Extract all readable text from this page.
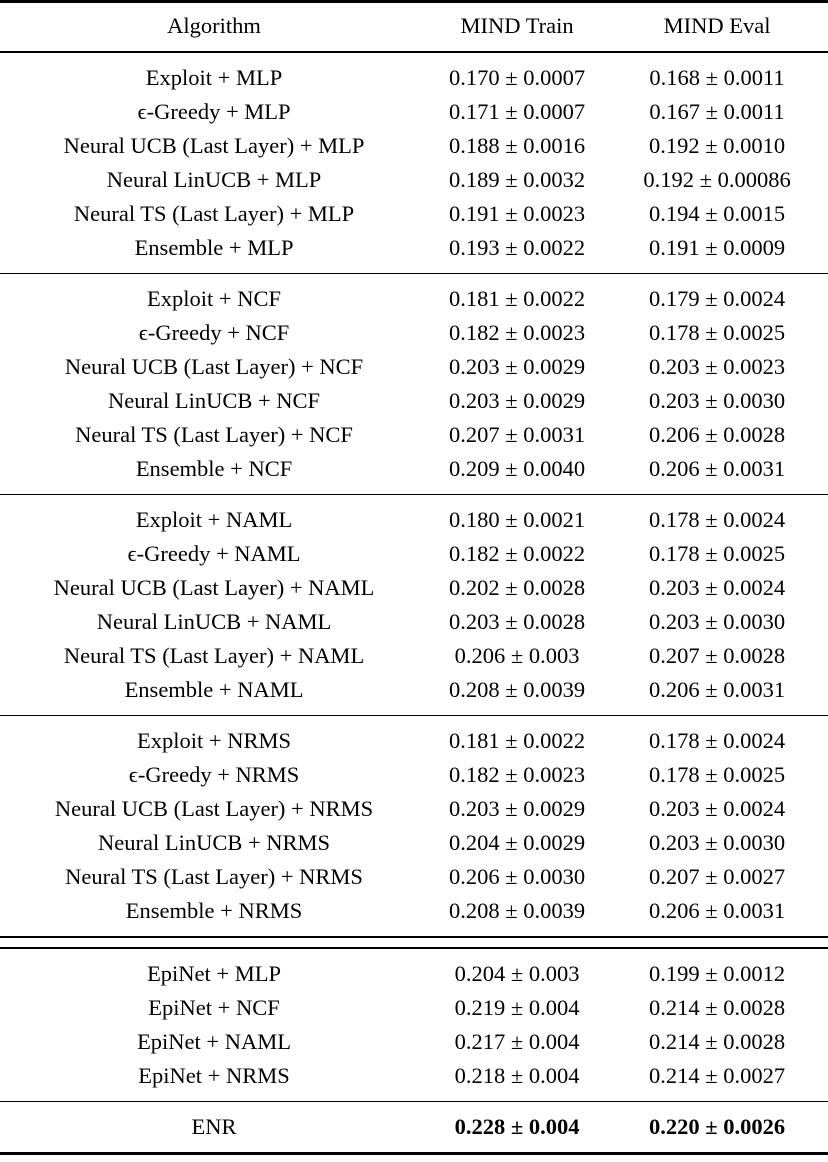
Algorithm	MIND Train	MIND Eval
Exploit + MLP	0.170 ± 0.0007	0.168 ± 0.0011
ϵ-Greedy + MLP	0.171 ± 0.0007	0.167 ± 0.0011
Neural UCB (Last Layer) + MLP	0.188 ± 0.0016	0.192 ± 0.0010
Neural LinUCB + MLP	0.189 ± 0.0032	0.192 ± 0.00086
Neural TS (Last Layer) + MLP	0.191 ± 0.0023	0.194 ± 0.0015
Ensemble + MLP	0.193 ± 0.0022	0.191 ± 0.0009
Exploit + NCF	0.181 ± 0.0022	0.179 ± 0.0024
ϵ-Greedy + NCF	0.182 ± 0.0023	0.178 ± 0.0025
Neural UCB (Last Layer) + NCF	0.203 ± 0.0029	0.203 ± 0.0023
Neural LinUCB + NCF	0.203 ± 0.0029	0.203 ± 0.0030
Neural TS (Last Layer) + NCF	0.207 ± 0.0031	0.206 ± 0.0028
Ensemble + NCF	0.209 ± 0.0040	0.206 ± 0.0031
Exploit + NAML	0.180 ± 0.0021	0.178 ± 0.0024
ϵ-Greedy + NAML	0.182 ± 0.0022	0.178 ± 0.0025
Neural UCB (Last Layer) + NAML	0.202 ± 0.0028	0.203 ± 0.0024
Neural LinUCB + NAML	0.203 ± 0.0028	0.203 ± 0.0030
Neural TS (Last Layer) + NAML	0.206 ± 0.003	0.207 ± 0.0028
Ensemble + NAML	0.208 ± 0.0039	0.206 ± 0.0031
Exploit + NRMS	0.181 ± 0.0022	0.178 ± 0.0024
ϵ-Greedy + NRMS	0.182 ± 0.0023	0.178 ± 0.0025
Neural UCB (Last Layer) + NRMS	0.203 ± 0.0029	0.203 ± 0.0024
Neural LinUCB + NRMS	0.204 ± 0.0029	0.203 ± 0.0030
Neural TS (Last Layer) + NRMS	0.206 ± 0.0030	0.207 ± 0.0027
Ensemble + NRMS	0.208 ± 0.0039	0.206 ± 0.0031
EpiNet + MLP	0.204 ± 0.003	0.199 ± 0.0012
EpiNet + NCF	0.219 ± 0.004	0.214 ± 0.0028
EpiNet + NAML	0.217 ± 0.004	0.214 ± 0.0028
EpiNet + NRMS	0.218 ± 0.004	0.214 ± 0.0027
ENR	0.228 ± 0.004	0.220 ± 0.0026
